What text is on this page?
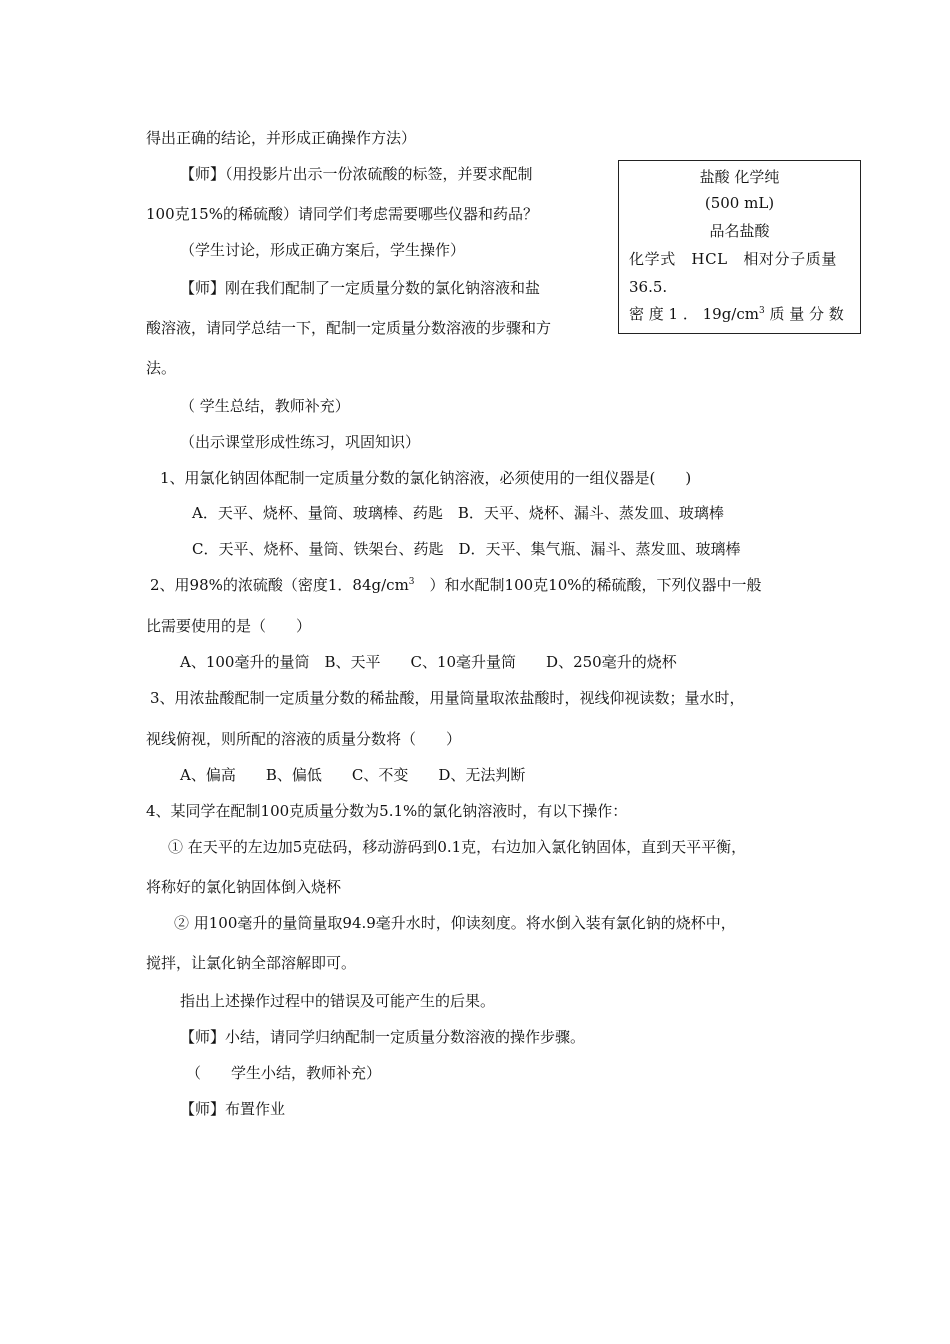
得出正确的结论，并形成正确操作方法）
【师】（用投影片出示一份浓硫酸的标签，并要求配制
100克15%的稀硫酸）请同学们考虑需要哪些仪器和药品？
（学生讨论，形成正确方案后，学生操作）
【师】刚在我们配制了一定质量分数的氯化钠溶液和盐
酸溶液，请同学总结一下，配制一定质量分数溶液的步骤和方
法。
（ 学生总结，教师补充）
（出示课堂形成性练习，巩固知识）
1、用氯化钠固体配制一定质量分数的氯化钠溶液，必须使用的一组仪器是(　　)
A．天平、烧杯、量筒、玻璃棒、药匙　B．天平、烧杯、漏斗、蒸发皿、玻璃棒
C．天平、烧杯、量筒、铁架台、药匙　D．天平、集气瓶、漏斗、蒸发皿、玻璃棒
2、用98%的浓硫酸（密度1．$84g/cm^3$　）和水配制100克10%的稀硫酸，下列仪器中一般
比需要使用的是（　　）
A、100毫升的量筒　B、天平　　C、10毫升量筒　　D、250毫升的烧杯
3、用浓盐酸配制一定质量分数的稀盐酸，用量筒量取浓盐酸时，视线仰视读数；量水时，
视线俯视，则所配的溶液的质量分数将（　　）
A、偏高　　B、偏低　　C、不变　　D、无法判断
4、某同学在配制100克质量分数为5.1%的氯化钠溶液时，有以下操作：
① 在天平的左边加5克砝码，移动游码到0.1克，右边加入氯化钠固体，直到天平平衡，
将称好的氯化钠固体倒入烧杯
② 用100毫升的量筒量取94.9毫升水时，仰读刻度。将水倒入装有氯化钠的烧杯中，
搅拌，让氯化钠全部溶解即可。
指出上述操作过程中的错误及可能产生的后果。
【师】小结，请同学归纳配制一定质量分数溶液的操作步骤。
（　　学生小结，教师补充）
【师】布置作业
盐酸 化学纯
(500 mL)
品名盐酸
化学式　HCL　相对分子质量
36.5.
密 度 1 ． $19g/cm^3$ 质 量 分 数
